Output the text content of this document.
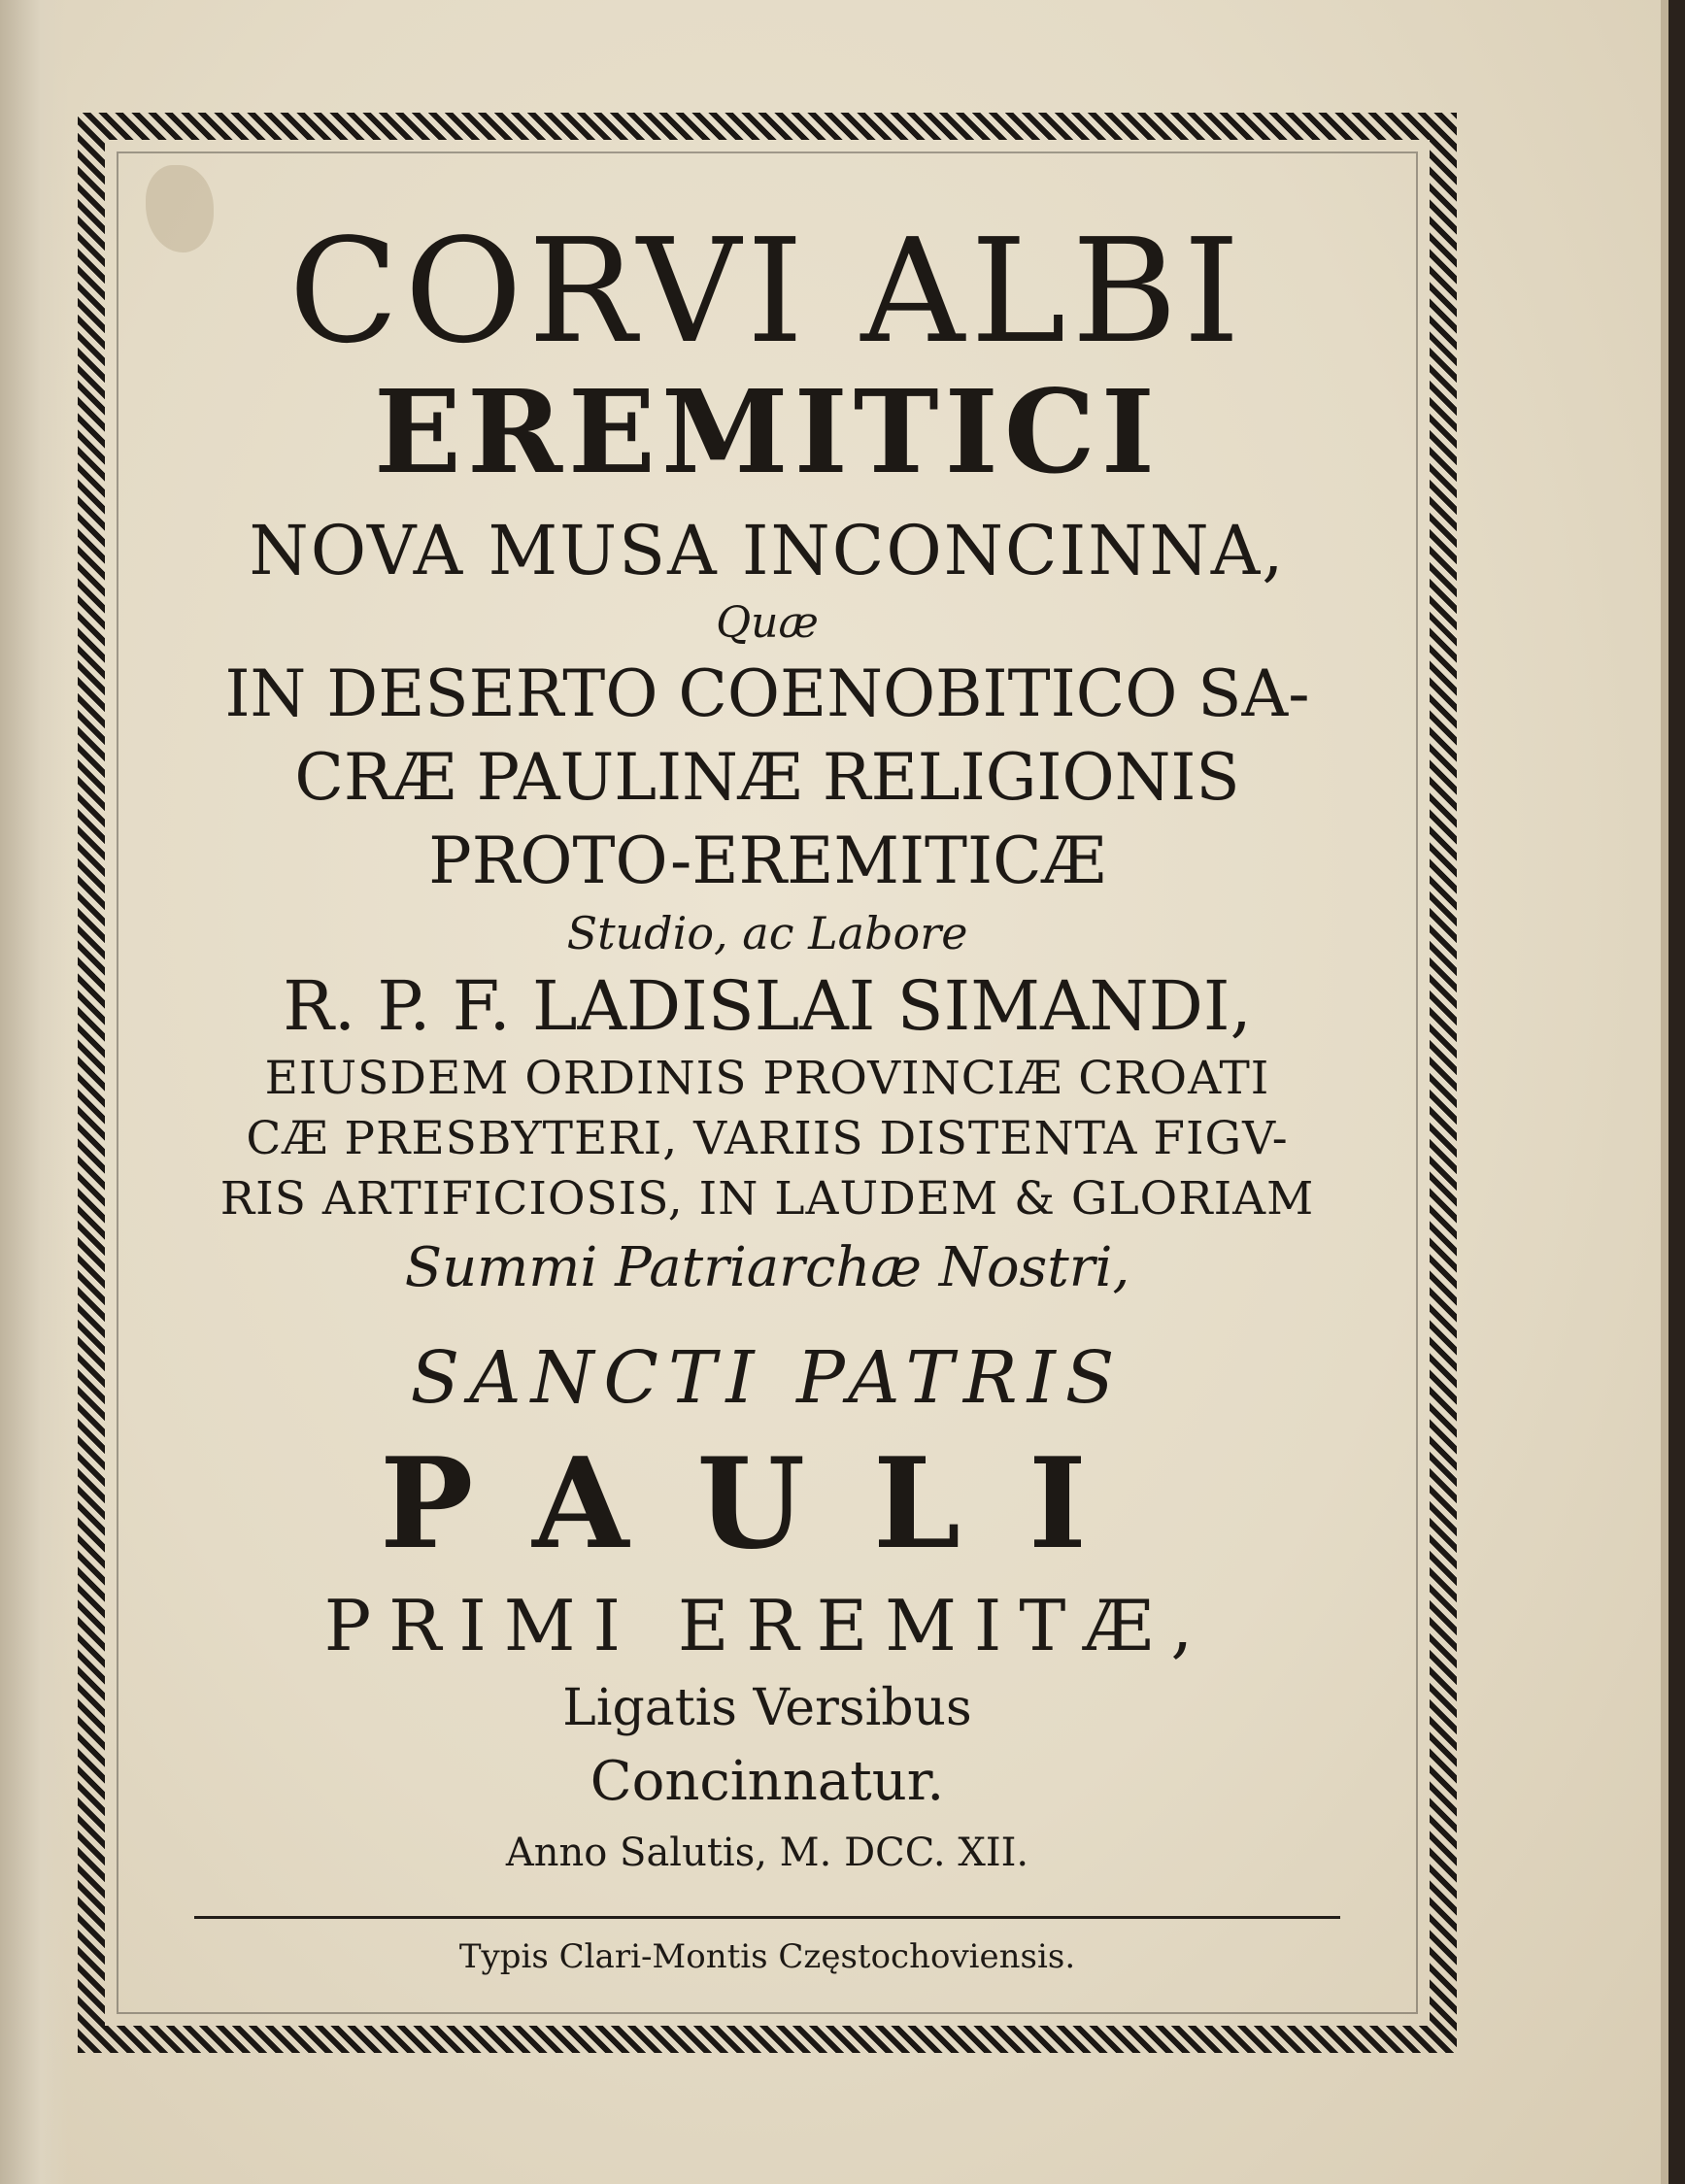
CORVI ALBI
EREMITICI
NOVA MUSA INCONCINNA,
Quæ
IN DESERTO COENOBITICO SA-
CRÆ PAULINÆ RELIGIONIS
PROTO-EREMITICÆ
Studio, ac Labore
R. P. F. LADISLAI SIMANDI,
EIUSDEM ORDINIS PROVINCIÆ CROATI
CÆ PRESBYTERI, VARIIS DISTENTA FIGV-
RIS ARTIFICIOSIS, IN LAUDEM & GLORIAM
Summi Patriarchæ Nostri,
SANCTI PATRIS
PAULI
PRIMI EREMITÆ,
Ligatis Versibus
Concinnatur.
Anno Salutis, M. DCC. XII.
Typis Clari-Montis Częstochoviensis.
